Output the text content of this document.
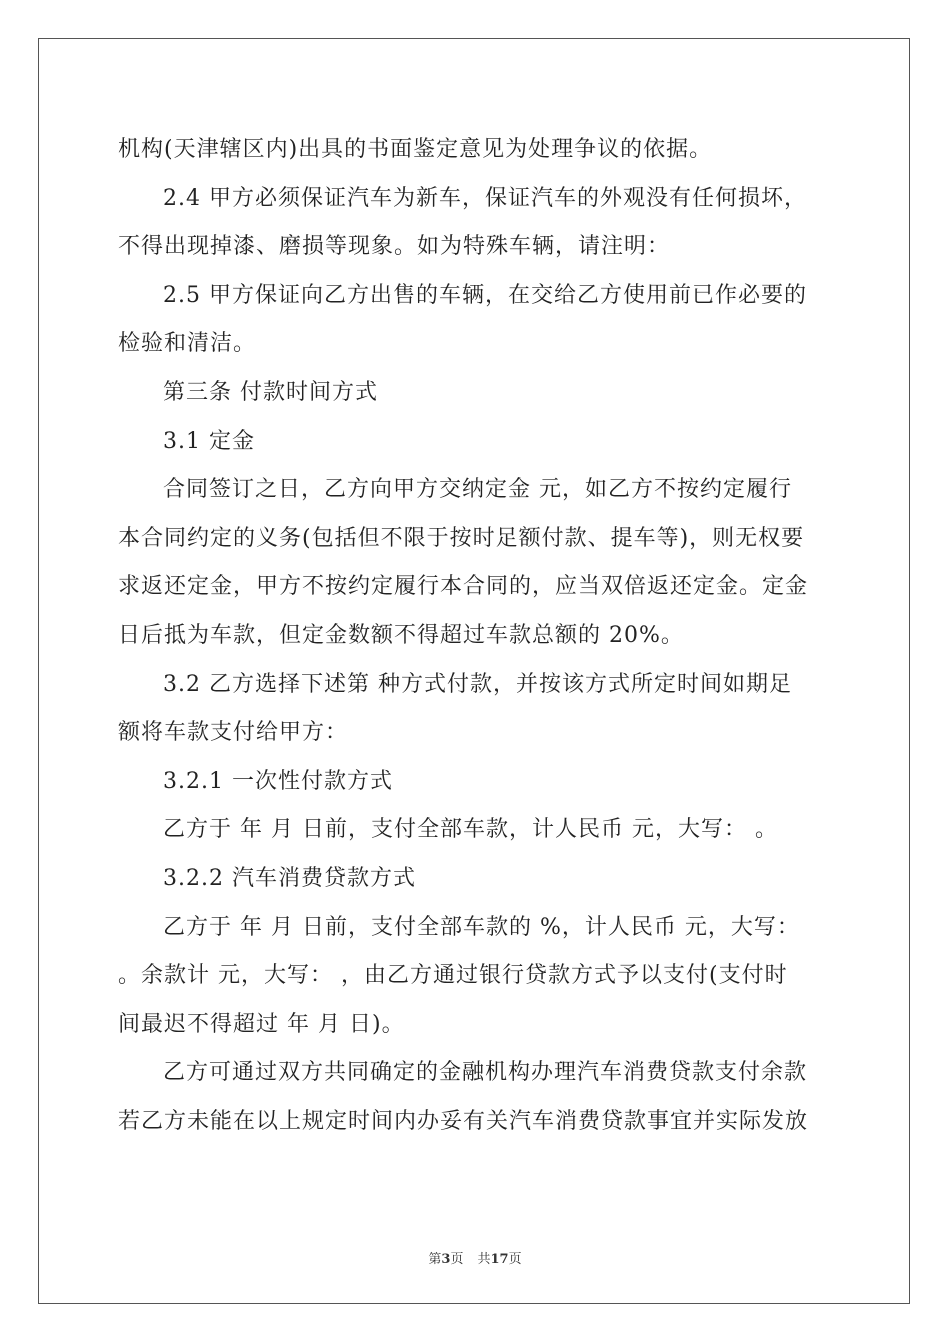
机构(天津辖区内)出具的书面鉴定意见为处理争议的依据。
2.4 甲方必须保证汽车为新车，保证汽车的外观没有任何损坏，
不得出现掉漆、磨损等现象。如为特殊车辆，请注明：
2.5 甲方保证向乙方出售的车辆，在交给乙方使用前已作必要的
检验和清洁。
第三条 付款时间方式
3.1 定金
合同签订之日，乙方向甲方交纳定金 元，如乙方不按约定履行
本合同约定的义务(包括但不限于按时足额付款、提车等)，则无权要
求返还定金，甲方不按约定履行本合同的，应当双倍返还定金。定金
日后抵为车款，但定金数额不得超过车款总额的 20%。
3.2 乙方选择下述第 种方式付款，并按该方式所定时间如期足
额将车款支付给甲方：
3.2.1 一次性付款方式
乙方于 年 月 日前，支付全部车款，计人民币 元，大写： 。
3.2.2 汽车消费贷款方式
乙方于 年 月 日前，支付全部车款的 %，计人民币 元，大写：
。余款计 元，大写： ，由乙方通过银行贷款方式予以支付(支付时
间最迟不得超过 年 月 日)。
乙方可通过双方共同确定的金融机构办理汽车消费贷款支付余款
若乙方未能在以上规定时间内办妥有关汽车消费贷款事宜并实际发放
第3页 共17页
